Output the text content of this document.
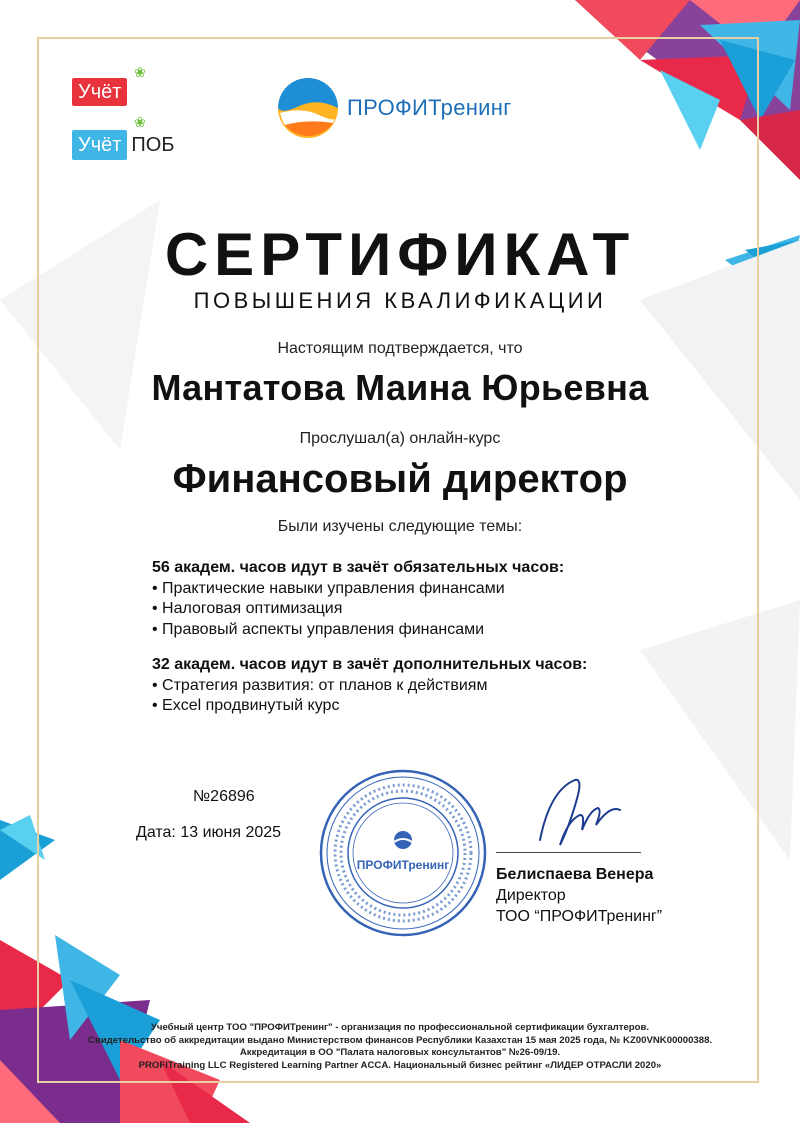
Учёт
❀
Учёт ПОБ
❀
ПРОФИТренинг
СЕРТИФИКАТ
ПОВЫШЕНИЯ КВАЛИФИКАЦИИ
Настоящим подтверждается, что
Мантатова Маина Юрьевна
Прослушал(а) онлайн-курс
Финансовый директор
Были изучены следующие темы:
56 академ. часов идут в зачёт обязательных часов:
• Практические навыки управления финансами
• Налоговая оптимизация
• Правовый аспекты управления финансами
32 академ. часов идут в зачёт дополнительных часов:
• Стратегия развития: от планов к действиям
• Excel продвинутый курс
№26896
Дата: 13 июня 2025
ПРОФИТренинг
Белиспаева Венера
Директор
ТОО “ПРОФИТренинг”
Учебный центр ТОО "ПРОФИТренинг" - организация по профессиональной сертификации бухгалтеров.
Свидетельство об аккредитации выдано Министерством финансов Республики Казахстан 15 мая 2025 года, № KZ00VNK00000388.
Аккредитация в ОО "Палата налоговых консультантов" №26-09/19.
PROFITraining LLC Registered Learning Partner ACCA. Национальный бизнес рейтинг «ЛИДЕР ОТРАСЛИ 2020»
